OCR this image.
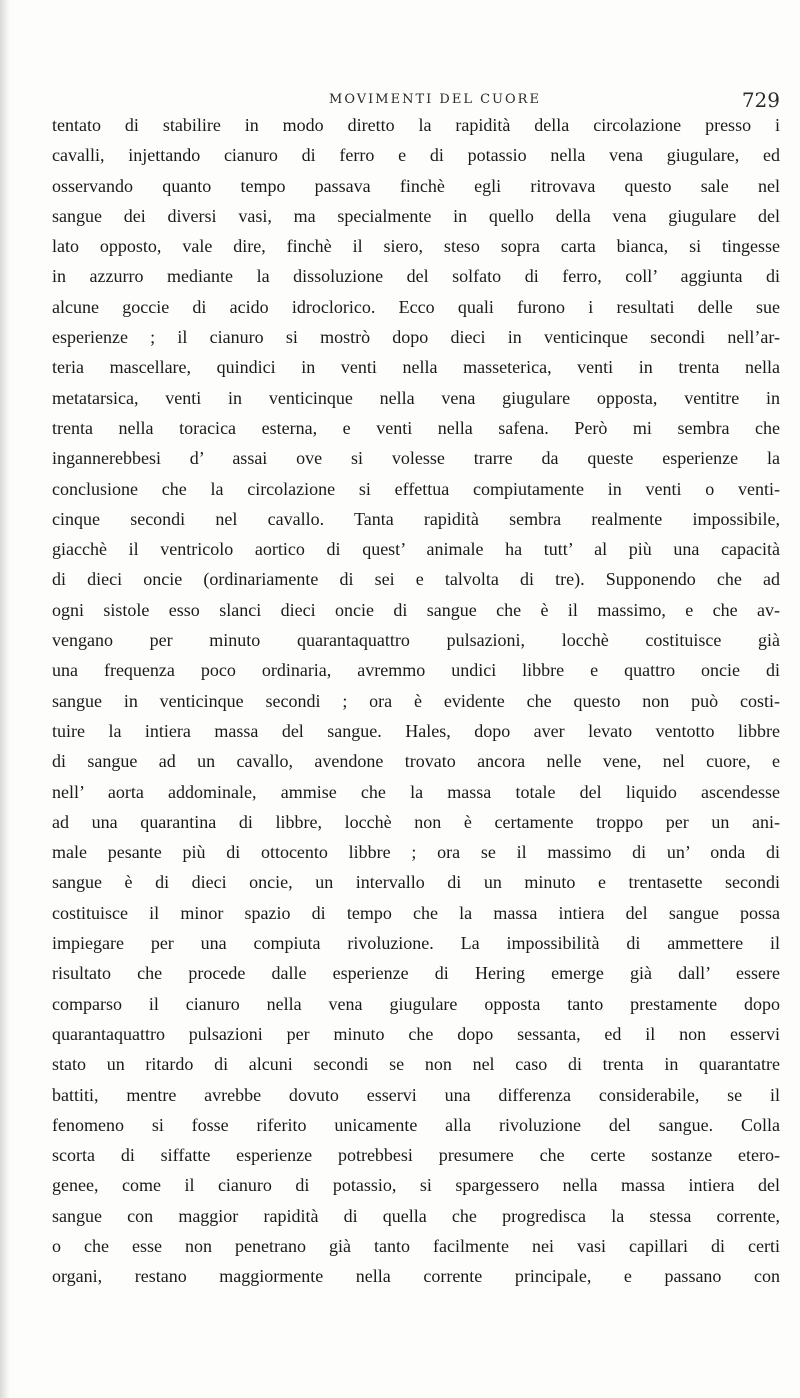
MOVIMENTI DEL CUORE	729
tentato di stabilire in modo diretto la rapidità della circolazione presso i
cavalli, injettando cianuro di ferro e di potassio nella vena giugulare, ed
osservando quanto tempo passava finchè egli ritrovava questo sale nel
sangue dei diversi vasi, ma specialmente in quello della vena giugulare del
lato opposto, vale dire, finchè il siero, steso sopra carta bianca, si tingesse
in azzurro mediante la dissoluzione del solfato di ferro, coll’ aggiunta di
alcune goccie di acido idroclorico. Ecco quali furono i resultati delle sue
esperienze ; il cianuro si mostrò dopo dieci in venticinque secondi nell’ar-
teria mascellare, quindici in venti nella masseterica, venti in trenta nella
metatarsica, venti in venticinque nella vena giugulare opposta, ventitre in
trenta nella toracica esterna, e venti nella safena. Però mi sembra che
ingannerebbesi d’ assai ove si volesse trarre da queste esperienze la
conclusione che la circolazione si effettua compiutamente in venti o venti-
cinque secondi nel cavallo. Tanta rapidità sembra realmente impossibile,
giacchè il ventricolo aortico di quest’ animale ha tutt’ al più una capacità
di dieci oncie (ordinariamente di sei e talvolta di tre). Supponendo che ad
ogni sistole esso slanci dieci oncie di sangue che è il massimo, e che av-
vengano per minuto quarantaquattro pulsazioni, locchè costituisce già
una frequenza poco ordinaria, avremmo undici libbre e quattro oncie di
sangue in venticinque secondi ; ora è evidente che questo non può costi-
tuire la intiera massa del sangue. Hales, dopo aver levato ventotto libbre
di sangue ad un cavallo, avendone trovato ancora nelle vene, nel cuore, e
nell’ aorta addominale, ammise che la massa totale del liquido ascendesse
ad una quarantina di libbre, locchè non è certamente troppo per un ani-
male pesante più di ottocento libbre ; ora se il massimo di un’ onda di
sangue è di dieci oncie, un intervallo di un minuto e trentasette secondi
costituisce il minor spazio di tempo che la massa intiera del sangue possa
impiegare per una compiuta rivoluzione. La impossibilità di ammettere il
risultato che procede dalle esperienze di Hering emerge già dall’ essere
comparso il cianuro nella vena giugulare opposta tanto prestamente dopo
quarantaquattro pulsazioni per minuto che dopo sessanta, ed il non esservi
stato un ritardo di alcuni secondi se non nel caso di trenta in quarantatre
battiti, mentre avrebbe dovuto esservi una differenza considerabile, se il
fenomeno si fosse riferito unicamente alla rivoluzione del sangue. Colla
scorta di siffatte esperienze potrebbesi presumere che certe sostanze etero-
genee, come il cianuro di potassio, si spargessero nella massa intiera del
sangue con maggior rapidità di quella che progredisca la stessa corrente,
o che esse non penetrano già tanto facilmente nei vasi capillari di certi
organi, restano maggiormente nella corrente principale, e passano con
